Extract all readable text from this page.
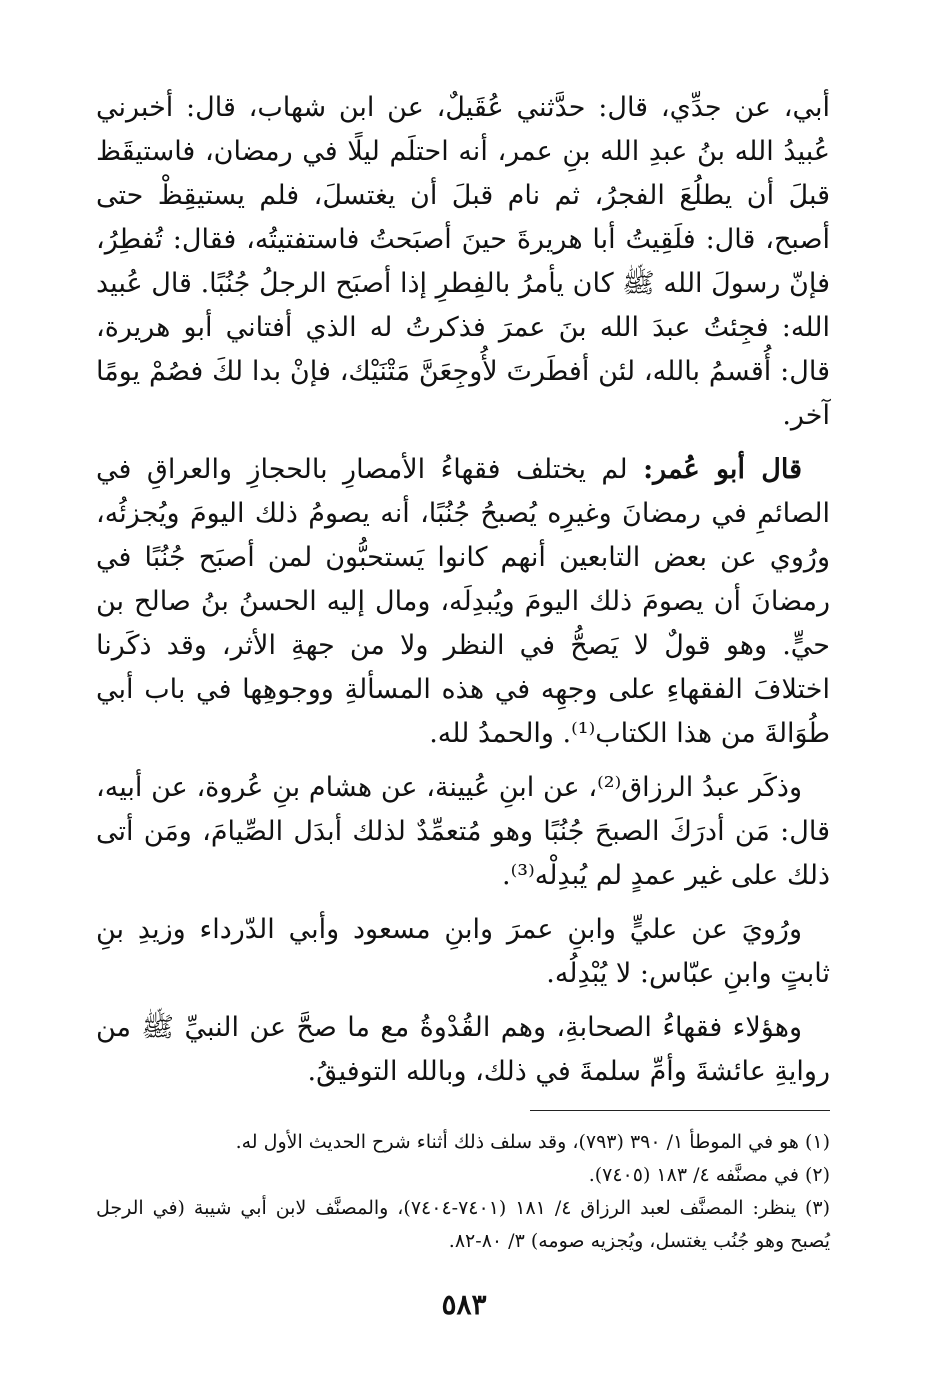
أبي، عن جدِّي، قال: حدَّثني عُقَيلٌ، عن ابن شهاب، قال: أخبرني عُبيدُ الله بنُ عبدِ الله بنِ عمر، أنه احتلَم ليلًا في رمضان، فاستيقَظ قبلَ أن يطلُعَ الفجرُ، ثم نام قبلَ أن يغتسلَ، فلم يستيقِظْ حتى أصبح، قال: فلَقِيتُ أبا هريرةَ حينَ أصبَحتُ فاستفتيتُه، فقال: تُفطِرُ، فإنّ رسولَ الله ﷺ كان يأمرُ بالفِطرِ إذا أصبَح الرجلُ جُنُبًا. قال عُبيد الله: فجِئتُ عبدَ الله بنَ عمرَ فذكرتُ له الذي أفتاني أبو هريرة، قال: أُقسمُ بالله، لئن أفطَرتَ لأُوجِعَنَّ مَتْنَيْك، فإنْ بدا لكَ فصُمْ يومًا آخر.

قال أبو عُمر: لم يختلف فقهاءُ الأمصارِ بالحجازِ والعراقِ في الصائمِ في رمضانَ وغيرِه يُصبحُ جُنُبًا، أنه يصومُ ذلك اليومَ ويُجزئُه، ورُوي عن بعض التابعين أنهم كانوا يَستحبُّون لمن أصبَح جُنُبًا في رمضانَ أن يصومَ ذلك اليومَ ويُبدِلَه، ومال إليه الحسنُ بنُ صالح بن حيٍّ. وهو قولٌ لا يَصحُّ في النظر ولا من جهةِ الأثر، وقد ذكَرنا اختلافَ الفقهاءِ على وجهِه في هذه المسألةِ ووجوهِها في باب أبي طُوَالةَ من هذا الكتاب⁽¹⁾. والحمدُ لله.

وذكَر عبدُ الرزاق⁽²⁾، عن ابنِ عُيينة، عن هشام بنِ عُروة، عن أبيه، قال: مَن أدرَكَ الصبحَ جُنُبًا وهو مُتعمِّدٌ لذلك أبدَل الصِّيامَ، ومَن أتى ذلك على غير عمدٍ لم يُبدِلْه⁽³⁾.

ورُويَ عن عليٍّ وابنِ عمرَ وابنِ مسعود وأبي الدّرداء وزيدِ بنِ ثابتٍ وابنِ عبّاس: لا يُبْدِلُه.

وهؤلاء فقهاءُ الصحابةِ، وهم القُدْوةُ مع ما صحَّ عن النبيِّ ﷺ من روايةِ عائشةَ وأمِّ سلمةَ في ذلك، وبالله التوفيقُ.

(١) هو في الموطأ ١/ ٣٩٠ (٧٩٣)، وقد سلف ذلك أثناء شرح الحديث الأول له.

(٢) في مصنَّفه ٤/ ١٨٣ (٧٤٠٥).

(٣) ينظر: المصنَّف لعبد الرزاق ٤/ ١٨١ (٧٤٠١-٧٤٠٤)، والمصنَّف لابن أبي شيبة (في الرجل يُصبح وهو جُنُب يغتسل، ويُجزيه صومه) ٣/ ٨٠-٨٢.

٥٨٣
